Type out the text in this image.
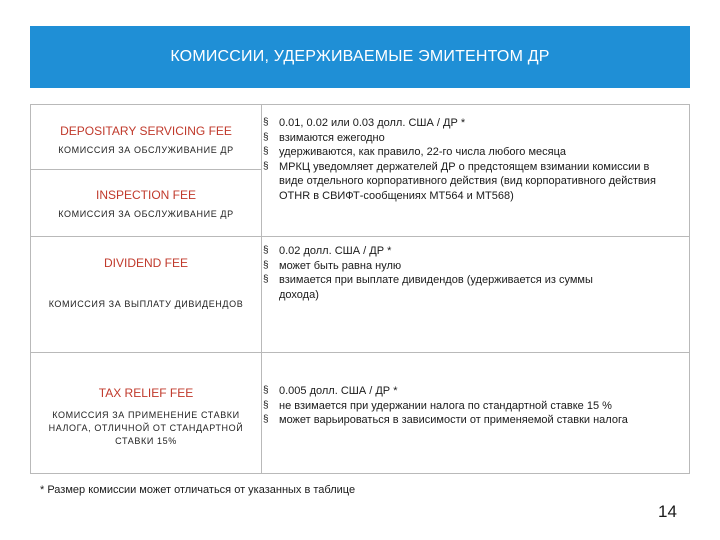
КОМИССИИ, УДЕРЖИВАЕМЫЕ ЭМИТЕНТОМ ДР
DEPOSITARY SERVICING FEE
КОМИССИЯ ЗА ОБСЛУЖИВАНИЕ ДР
INSPECTION FEE
КОМИССИЯ ЗА ОБСЛУЖИВАНИЕ ДР
§ 0.01, 0.02 или 0.03 долл. США / ДР *
§ взимаются ежегодно
§ удерживаются, как правило, 22-го числа любого месяца
§ МРКЦ уведомляет держателей ДР о предстоящем взимании комиссии в виде отдельного корпоративного действия (вид корпоративного действия OTHR в СВИФТ-сообщениях МТ564 и МТ568)
DIVIDEND FEE
КОМИССИЯ ЗА ВЫПЛАТУ ДИВИДЕНДОВ
§ 0.02 долл. США / ДР *
§ может быть равна нулю
§ взимается при выплате дивидендов (удерживается из суммы дохода)
TAX RELIEF FEE
КОМИССИЯ ЗА ПРИМЕНЕНИЕ СТАВКИ НАЛОГА, ОТЛИЧНОЙ ОТ СТАНДАРТНОЙ СТАВКИ 15%
§ 0.005 долл. США / ДР *
§ не взимается при удержании налога по стандартной ставке 15 %
§ может варьироваться в зависимости от применяемой ставки налога
* Размер комиссии может отличаться от указанных в таблице
14
